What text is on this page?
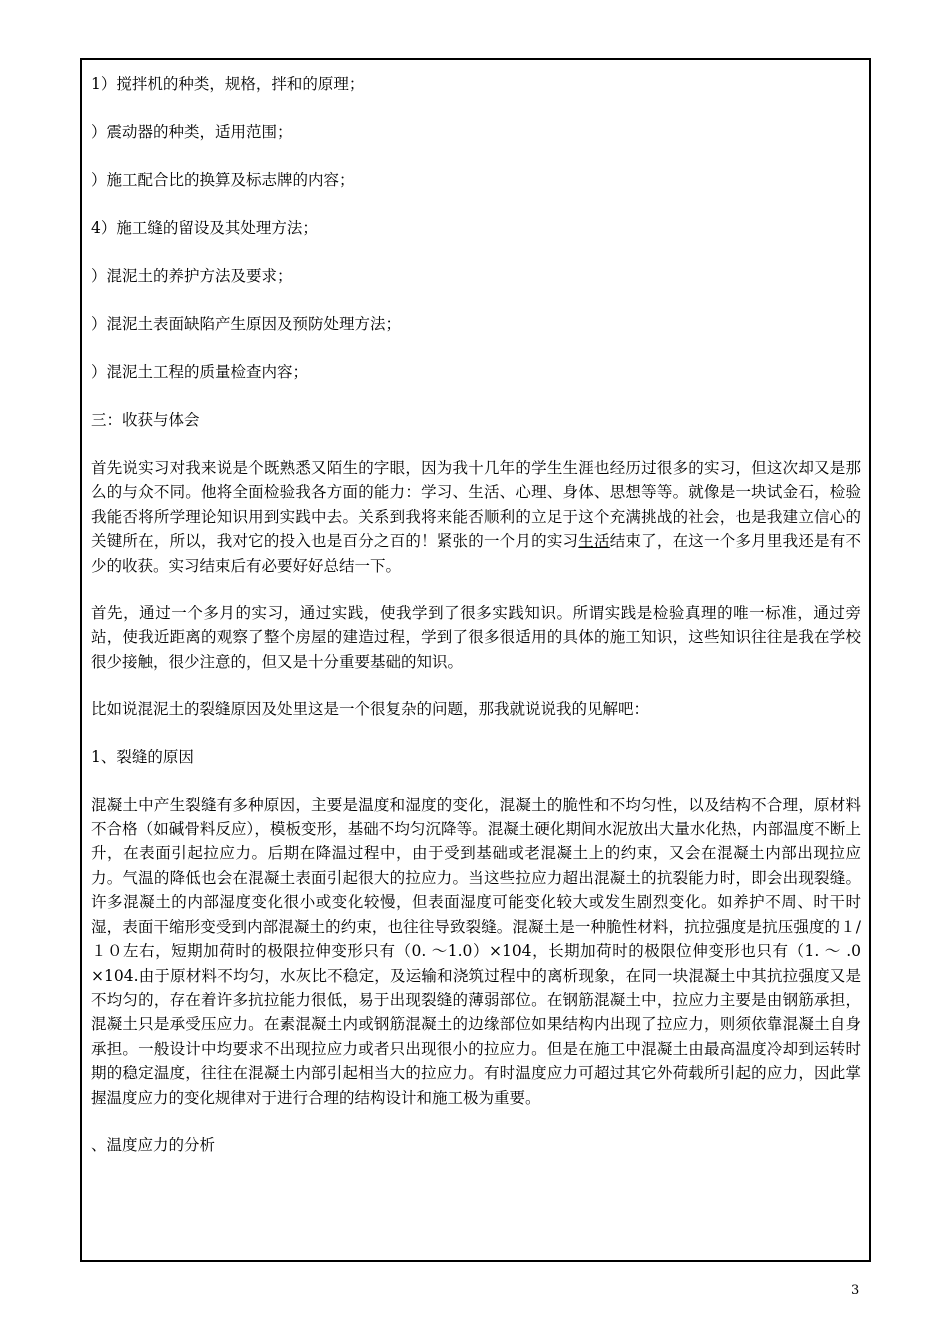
1）搅拌机的种类，规格，拌和的原理；

）震动器的种类，适用范围；

）施工配合比的换算及标志牌的内容；

4）施工缝的留设及其处理方法；

）混泥土的养护方法及要求；

）混泥土表面缺陷产生原因及预防处理方法；

）混泥土工程的质量检查内容；

三：收获与体会

首先说实习对我来说是个既熟悉又陌生的字眼，因为我十几年的学生生涯也经历过很多的实习，但这次却又是那么的与众不同。他将全面检验我各方面的能力：学习、生活、心理、身体、思想等等。就像是一块试金石，检验我能否将所学理论知识用到实践中去。关系到我将来能否顺利的立足于这个充满挑战的社会，也是我建立信心的关键所在，所以，我对它的投入也是百分之百的！紧张的一个月的实习生活结束了，在这一个多月里我还是有不少的收获。实习结束后有必要好好总结一下。

首先，通过一个多月的实习，通过实践，使我学到了很多实践知识。所谓实践是检验真理的唯一标准，通过旁站，使我近距离的观察了整个房屋的建造过程，学到了很多很适用的具体的施工知识，这些知识往往是我在学校很少接触，很少注意的，但又是十分重要基础的知识。

比如说混泥土的裂缝原因及处里这是一个很复杂的问题，那我就说说我的见解吧：

1、裂缝的原因

混凝土中产生裂缝有多种原因，主要是温度和湿度的变化，混凝土的脆性和不均匀性，以及结构不合理，原材料不合格（如碱骨料反应），模板变形，基础不均匀沉降等。混凝土硬化期间水泥放出大量水化热，内部温度不断上升，在表面引起拉应力。后期在降温过程中，由于受到基础或老混凝土上的约束，又会在混凝土内部出现拉应力。气温的降低也会在混凝土表面引起很大的拉应力。当这些拉应力超出混凝土的抗裂能力时，即会出现裂缝。许多混凝土的内部湿度变化很小或变化较慢，但表面湿度可能变化较大或发生剧烈变化。如养护不周、时干时湿，表面干缩形变受到内部混凝土的约束，也往往导致裂缝。混凝土是一种脆性材料，抗拉强度是抗压强度的１/１０左右，短期加荷时的极限拉伸变形只有（0. ～1.0）×104，长期加荷时的极限位伸变形也只有（1. ～ .0 ×104.由于原材料不均匀，水灰比不稳定，及运输和浇筑过程中的离析现象，在同一块混凝土中其抗拉强度又是不均匀的，存在着许多抗拉能力很低，易于出现裂缝的薄弱部位。在钢筋混凝土中，拉应力主要是由钢筋承担，混凝土只是承受压应力。在素混凝土内或钢筋混凝土的边缘部位如果结构内出现了拉应力，则须依靠混凝土自身承担。一般设计中均要求不出现拉应力或者只出现很小的拉应力。但是在施工中混凝土由最高温度冷却到运转时期的稳定温度，往往在混凝土内部引起相当大的拉应力。有时温度应力可超过其它外荷载所引起的应力，因此掌握温度应力的变化规律对于进行合理的结构设计和施工极为重要。

、温度应力的分析

3
